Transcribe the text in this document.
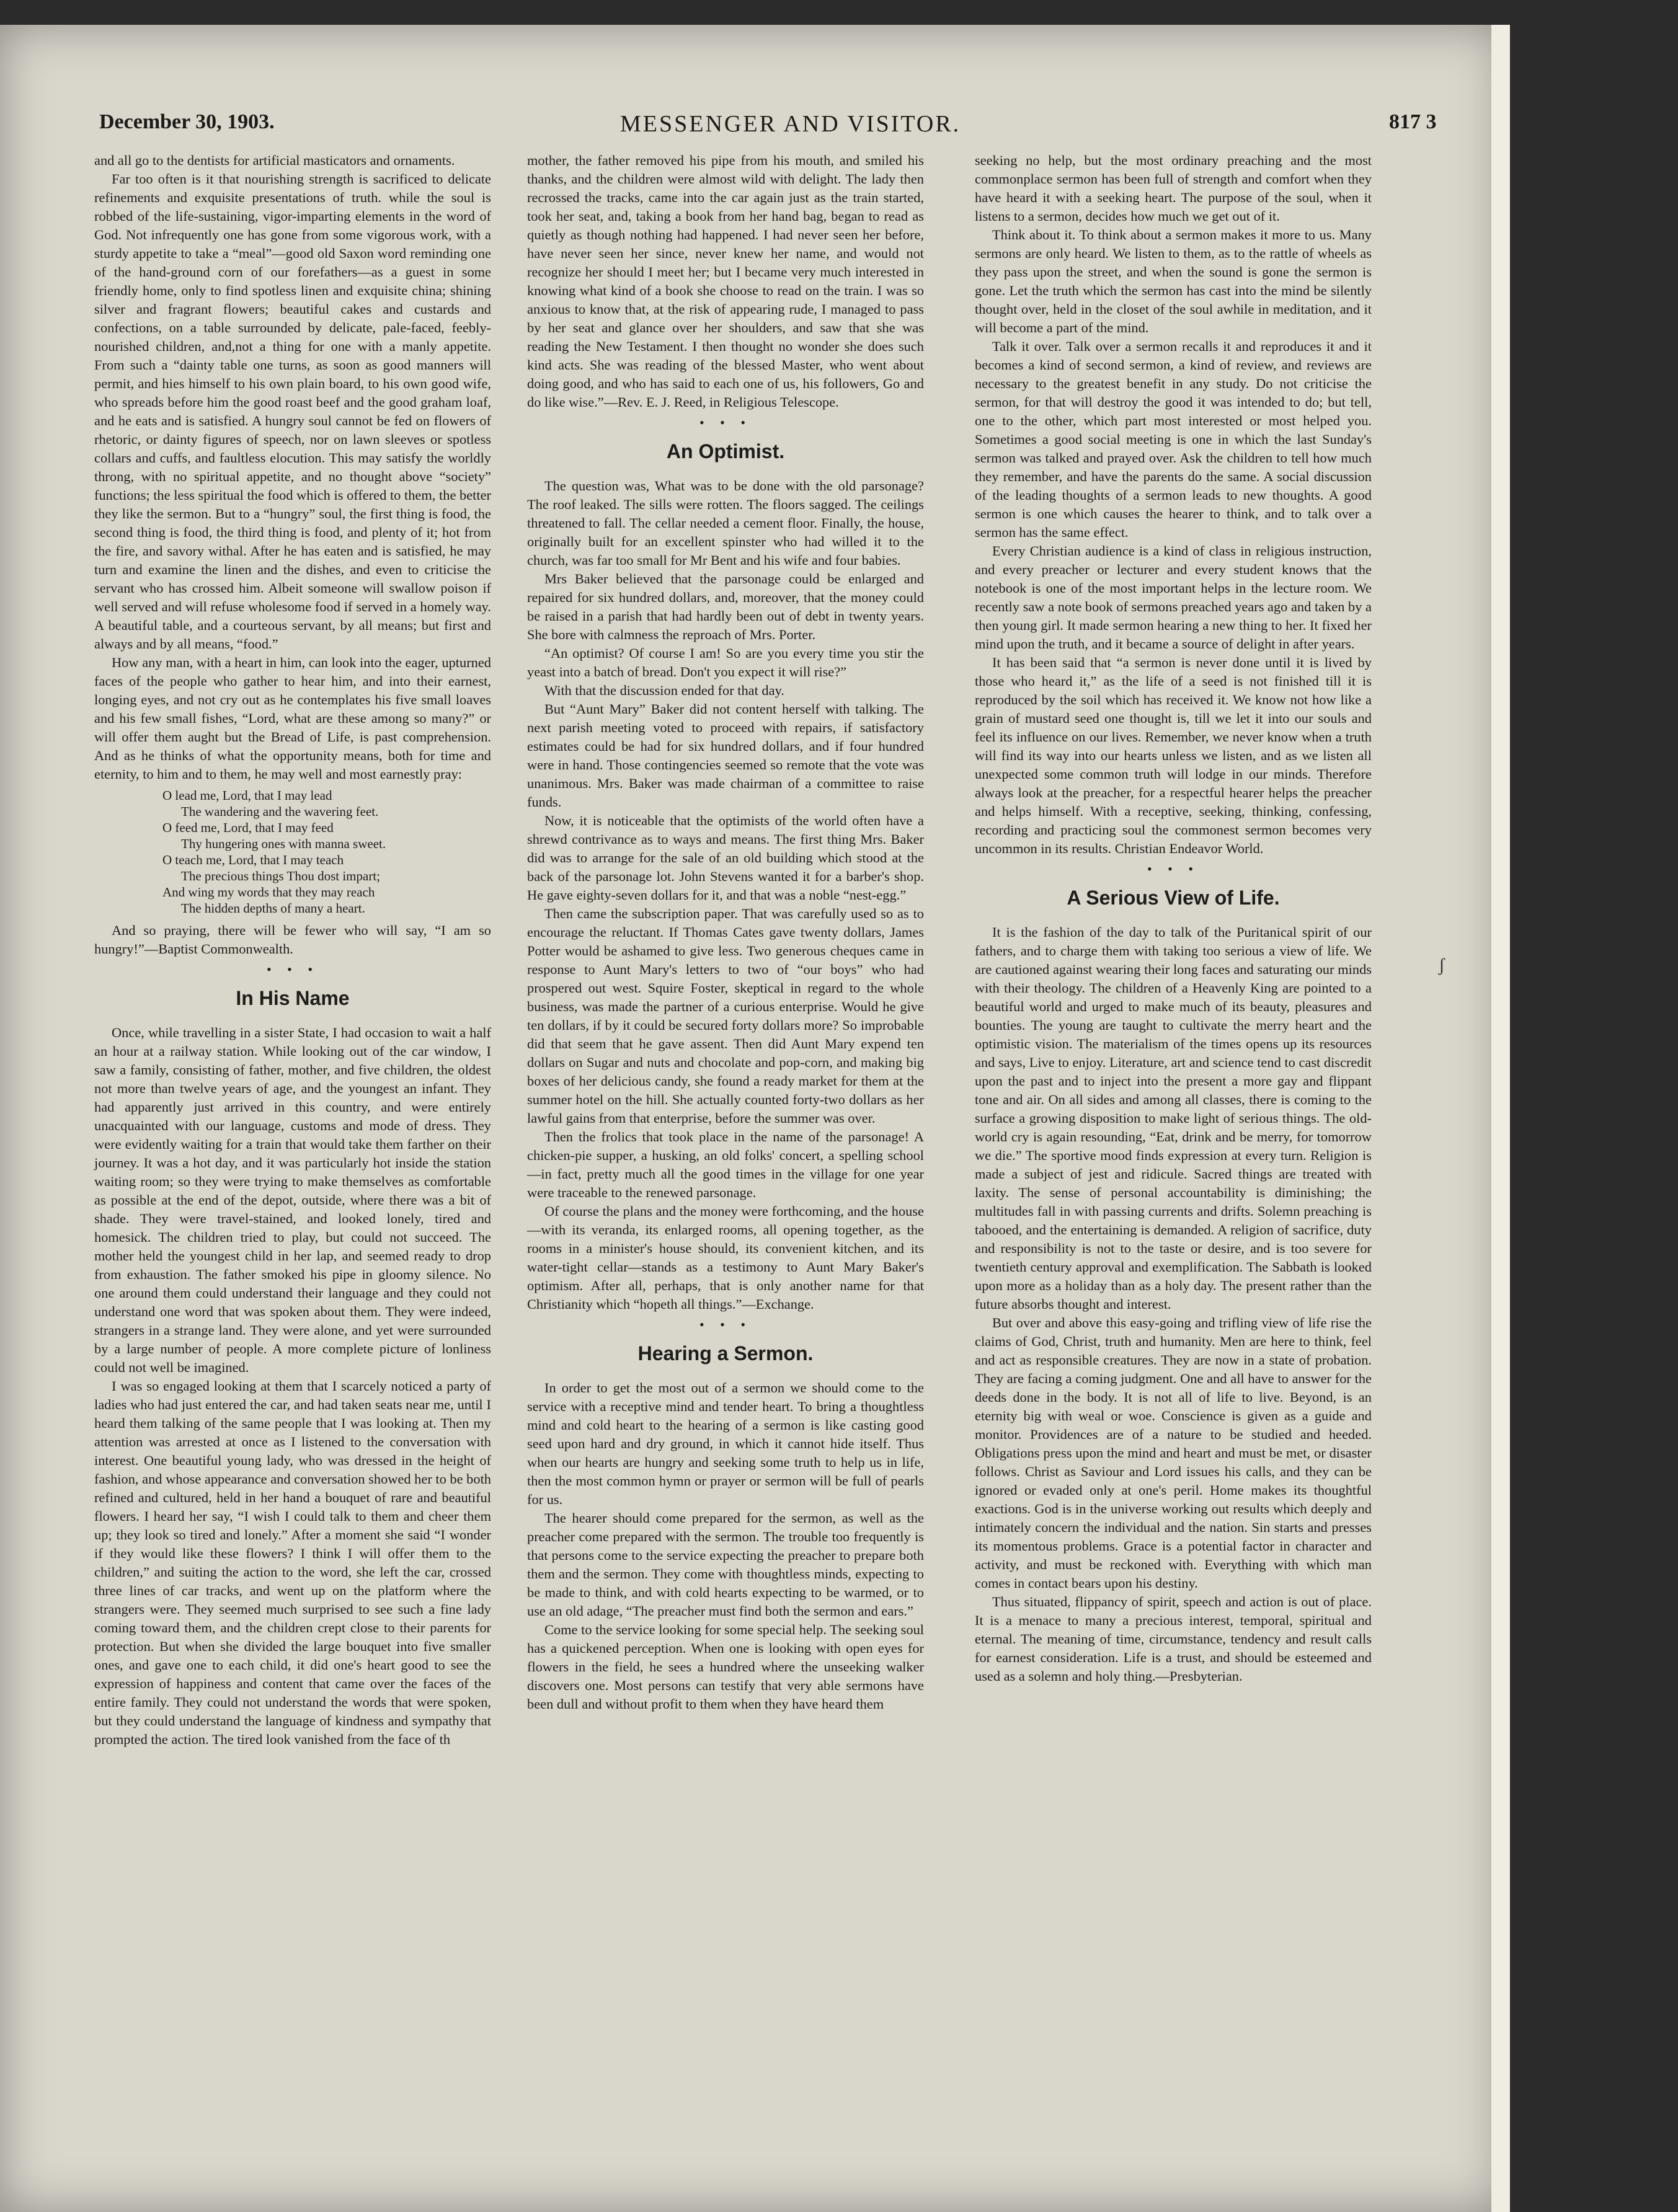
December 30, 1903.	MESSENGER AND VISITOR.	817 3

and all go to the dentists for artificial masticators and ornaments.

Far too often is it that nourishing strength is sacrificed to delicate refinements and exquisite presentations of truth. while the soul is robbed of the life-sustaining, vigor-imparting elements in the word of God. Not infrequently one has gone from some vigorous work, with a sturdy appetite to take a “meal”—good old Saxon word reminding one of the hand-ground corn of our forefathers—as a guest in some friendly home, only to find spotless linen and exquisite china; shining silver and fragrant flowers; beautiful cakes and custards and confections, on a table surrounded by delicate, pale-faced, feebly-nourished children, and,not a thing for one with a manly appetite. From such a “dainty table one turns, as soon as good manners will permit, and hies himself to his own plain board, to his own good wife, who spreads before him the good roast beef and the good graham loaf, and he eats and is satisfied. A hungry soul cannot be fed on flowers of rhetoric, or dainty figures of speech, nor on lawn sleeves or spotless collars and cuffs, and faultless elocution. This may satisfy the worldly throng, with no spiritual appetite, and no thought above “society” functions; the less spiritual the food which is offered to them, the better they like the sermon. But to a “hungry” soul, the first thing is food, the second thing is food, the third thing is food, and plenty of it; hot from the fire, and savory withal. After he has eaten and is satisfied, he may turn and examine the linen and the dishes, and even to criticise the servant who has crossed him. Albeit someone will swallow poison if well served and will refuse wholesome food if served in a homely way. A beautiful table, and a courteous servant, by all means; but first and always and by all means, “food.”

How any man, with a heart in him, can look into the eager, upturned faces of the people who gather to hear him, and into their earnest, longing eyes, and not cry out as he contemplates his five small loaves and his few small fishes, “Lord, what are these among so many?” or will offer them aught but the Bread of Life, is past comprehension. And as he thinks of what the opportunity means, both for time and eternity, to him and to them, he may well and most earnestly pray:

O lead me, Lord, that I may lead
The wandering and the wavering feet.
O feed me, Lord, that I may feed
Thy hungering ones with manna sweet.
O teach me, Lord, that I may teach
The precious things Thou dost impart;
And wing my words that they may reach
The hidden depths of many a heart.

And so praying, there will be fewer who will say, “I am so hungry!”—Baptist Commonwealth.

• • •
In His Name

Once, while travelling in a sister State, I had occasion to wait a half an hour at a railway station. While looking out of the car window, I saw a family, consisting of father, mother, and five children, the oldest not more than twelve years of age, and the youngest an infant. They had apparently just arrived in this country, and were entirely unacquainted with our language, customs and mode of dress. They were evidently waiting for a train that would take them farther on their journey. It was a hot day, and it was particularly hot inside the station waiting room; so they were trying to make themselves as comfortable as possible at the end of the depot, outside, where there was a bit of shade. They were travel-stained, and looked lonely, tired and homesick. The children tried to play, but could not succeed. The mother held the youngest child in her lap, and seemed ready to drop from exhaustion. The father smoked his pipe in gloomy silence. No one around them could understand their language and they could not understand one word that was spoken about them. They were indeed, strangers in a strange land. They were alone, and yet were surrounded by a large number of people. A more complete picture of lonliness could not well be imagined.

I was so engaged looking at them that I scarcely noticed a party of ladies who had just entered the car, and had taken seats near me, until I heard them talking of the same people that I was looking at. Then my attention was arrested at once as I listened to the conversation with interest. One beautiful young lady, who was dressed in the height of fashion, and whose appearance and conversation showed her to be both refined and cultured, held in her hand a bouquet of rare and beautiful flowers. I heard her say, “I wish I could talk to them and cheer them up; they look so tired and lonely.” After a moment she said “I wonder if they would like these flowers? I think I will offer them to the children,” and suiting the action to the word, she left the car, crossed three lines of car tracks, and went up on the platform where the strangers were. They seemed much surprised to see such a fine lady coming toward them, and the children crept close to their parents for protection. But when she divided the large bouquet into five smaller ones, and gave one to each child, it did one's heart good to see the expression of happiness and content that came over the faces of the entire family. They could not understand the words that were spoken, but they could understand the language of kindness and sympathy that prompted the action. The tired look vanished from the face of th

mother, the father removed his pipe from his mouth, and smiled his thanks, and the children were almost wild with delight. The lady then recrossed the tracks, came into the car again just as the train started, took her seat, and, taking a book from her hand bag, began to read as quietly as though nothing had happened. I had never seen her before, have never seen her since, never knew her name, and would not recognize her should I meet her; but I became very much interested in knowing what kind of a book she choose to read on the train. I was so anxious to know that, at the risk of appearing rude, I managed to pass by her seat and glance over her shoulders, and saw that she was reading the New Testament. I then thought no wonder she does such kind acts. She was reading of the blessed Master, who went about doing good, and who has said to each one of us, his followers, Go and do like wise.”—Rev. E. J. Reed, in Religious Telescope.

• • •
An Optimist.

The question was, What was to be done with the old parsonage? The roof leaked. The sills were rotten. The floors sagged. The ceilings threatened to fall. The cellar needed a cement floor. Finally, the house, originally built for an excellent spinster who had willed it to the church, was far too small for Mr Bent and his wife and four babies.

Mrs Baker believed that the parsonage could be enlarged and repaired for six hundred dollars, and, moreover, that the money could be raised in a parish that had hardly been out of debt in twenty years. She bore with calmness the reproach of Mrs. Porter.

“An optimist? Of course I am! So are you every time you stir the yeast into a batch of bread. Don't you expect it will rise?”

With that the discussion ended for that day.

But “Aunt Mary” Baker did not content herself with talking. The next parish meeting voted to proceed with repairs, if satisfactory estimates could be had for six hundred dollars, and if four hundred were in hand. Those contingencies seemed so remote that the vote was unanimous. Mrs. Baker was made chairman of a committee to raise funds.

Now, it is noticeable that the optimists of the world often have a shrewd contrivance as to ways and means. The first thing Mrs. Baker did was to arrange for the sale of an old building which stood at the back of the parsonage lot. John Stevens wanted it for a barber's shop. He gave eighty-seven dollars for it, and that was a noble “nest-egg.”

Then came the subscription paper. That was carefully used so as to encourage the reluctant. If Thomas Cates gave twenty dollars, James Potter would be ashamed to give less. Two generous cheques came in response to Aunt Mary's letters to two of “our boys” who had prospered out west. Squire Foster, skeptical in regard to the whole business, was made the partner of a curious enterprise. Would he give ten dollars, if by it could be secured forty dollars more? So improbable did that seem that he gave assent. Then did Aunt Mary expend ten dollars on Sugar and nuts and chocolate and pop-corn, and making big boxes of her delicious candy, she found a ready market for them at the summer hotel on the hill. She actually counted forty-two dollars as her lawful gains from that enterprise, before the summer was over.

Then the frolics that took place in the name of the parsonage! A chicken-pie supper, a husking, an old folks' concert, a spelling school—in fact, pretty much all the good times in the village for one year were traceable to the renewed parsonage.

Of course the plans and the money were forthcoming, and the house—with its veranda, its enlarged rooms, all opening together, as the rooms in a minister's house should, its convenient kitchen, and its water-tight cellar—stands as a testimony to Aunt Mary Baker's optimism. After all, perhaps, that is only another name for that Christianity which “hopeth all things.”—Exchange.

• • •
Hearing a Sermon.

In order to get the most out of a sermon we should come to the service with a receptive mind and tender heart. To bring a thoughtless mind and cold heart to the hearing of a sermon is like casting good seed upon hard and dry ground, in which it cannot hide itself. Thus when our hearts are hungry and seeking some truth to help us in life, then the most common hymn or prayer or sermon will be full of pearls for us.

The hearer should come prepared for the sermon, as well as the preacher come prepared with the sermon. The trouble too frequently is that persons come to the service expecting the preacher to prepare both them and the sermon. They come with thoughtless minds, expecting to be made to think, and with cold hearts expecting to be warmed, or to use an old adage, “The preacher must find both the sermon and ears.”

Come to the service looking for some special help. The seeking soul has a quickened perception. When one is looking with open eyes for flowers in the field, he sees a hundred where the unseeking walker discovers one. Most persons can testify that very able sermons have been dull and without profit to them when they have heard them

seeking no help, but the most ordinary preaching and the most commonplace sermon has been full of strength and comfort when they have heard it with a seeking heart. The purpose of the soul, when it listens to a sermon, decides how much we get out of it.

Think about it. To think about a sermon makes it more to us. Many sermons are only heard. We listen to them, as to the rattle of wheels as they pass upon the street, and when the sound is gone the sermon is gone. Let the truth which the sermon has cast into the mind be silently thought over, held in the closet of the soul awhile in meditation, and it will become a part of the mind.

Talk it over. Talk over a sermon recalls it and reproduces it and it becomes a kind of second sermon, a kind of review, and reviews are necessary to the greatest benefit in any study. Do not criticise the sermon, for that will destroy the good it was intended to do; but tell, one to the other, which part most interested or most helped you. Sometimes a good social meeting is one in which the last Sunday's sermon was talked and prayed over. Ask the children to tell how much they remember, and have the parents do the same. A social discussion of the leading thoughts of a sermon leads to new thoughts. A good sermon is one which causes the hearer to think, and to talk over a sermon has the same effect.

Every Christian audience is a kind of class in religious instruction, and every preacher or lecturer and every student knows that the notebook is one of the most important helps in the lecture room. We recently saw a note book of sermons preached years ago and taken by a then young girl. It made sermon hearing a new thing to her. It fixed her mind upon the truth, and it became a source of delight in after years.

It has been said that “a sermon is never done until it is lived by those who heard it,” as the life of a seed is not finished till it is reproduced by the soil which has received it. We know not how like a grain of mustard seed one thought is, till we let it into our souls and feel its influence on our lives. Remember, we never know when a truth will find its way into our hearts unless we listen, and as we listen all unexpected some common truth will lodge in our minds. Therefore always look at the preacher, for a respectful hearer helps the preacher and helps himself. With a receptive, seeking, thinking, confessing, recording and practicing soul the commonest sermon becomes very uncommon in its results. Christian Endeavor World.

• • •
A Serious View of Life.

It is the fashion of the day to talk of the Puritanical spirit of our fathers, and to charge them with taking too serious a view of life. We are cautioned against wearing their long faces and saturating our minds with their theology. The children of a Heavenly King are pointed to a beautiful world and urged to make much of its beauty, pleasures and bounties. The young are taught to cultivate the merry heart and the optimistic vision. The materialism of the times opens up its resources and says, Live to enjoy. Literature, art and science tend to cast discredit upon the past and to inject into the present a more gay and flippant tone and air. On all sides and among all classes, there is coming to the surface a growing disposition to make light of serious things. The old-world cry is again resounding, “Eat, drink and be merry, for tomorrow we die.” The sportive mood finds expression at every turn. Religion is made a subject of jest and ridicule. Sacred things are treated with laxity. The sense of personal accountability is diminishing; the multitudes fall in with passing currents and drifts. Solemn preaching is tabooed, and the entertaining is demanded. A religion of sacrifice, duty and responsibility is not to the taste or desire, and is too severe for twentieth century approval and exemplification. The Sabbath is looked upon more as a holiday than as a holy day. The present rather than the future absorbs thought and interest.

But over and above this easy-going and trifling view of life rise the claims of God, Christ, truth and humanity. Men are here to think, feel and act as responsible creatures. They are now in a state of probation. They are facing a coming judgment. One and all have to answer for the deeds done in the body. It is not all of life to live. Beyond, is an eternity big with weal or woe. Conscience is given as a guide and monitor. Providences are of a nature to be studied and heeded. Obligations press upon the mind and heart and must be met, or disaster follows. Christ as Saviour and Lord issues his calls, and they can be ignored or evaded only at one's peril. Home makes its thoughtful exactions. God is in the universe working out results which deeply and intimately concern the individual and the nation. Sin starts and presses its momentous problems. Grace is a potential factor in character and activity, and must be reckoned with. Everything with which man comes in contact bears upon his destiny.

Thus situated, flippancy of spirit, speech and action is out of place. It is a menace to many a precious interest, temporal, spiritual and eternal. The meaning of time, circumstance, tendency and result calls for earnest consideration. Life is a trust, and should be esteemed and used as a solemn and holy thing.—Presbyterian.

ʃ
